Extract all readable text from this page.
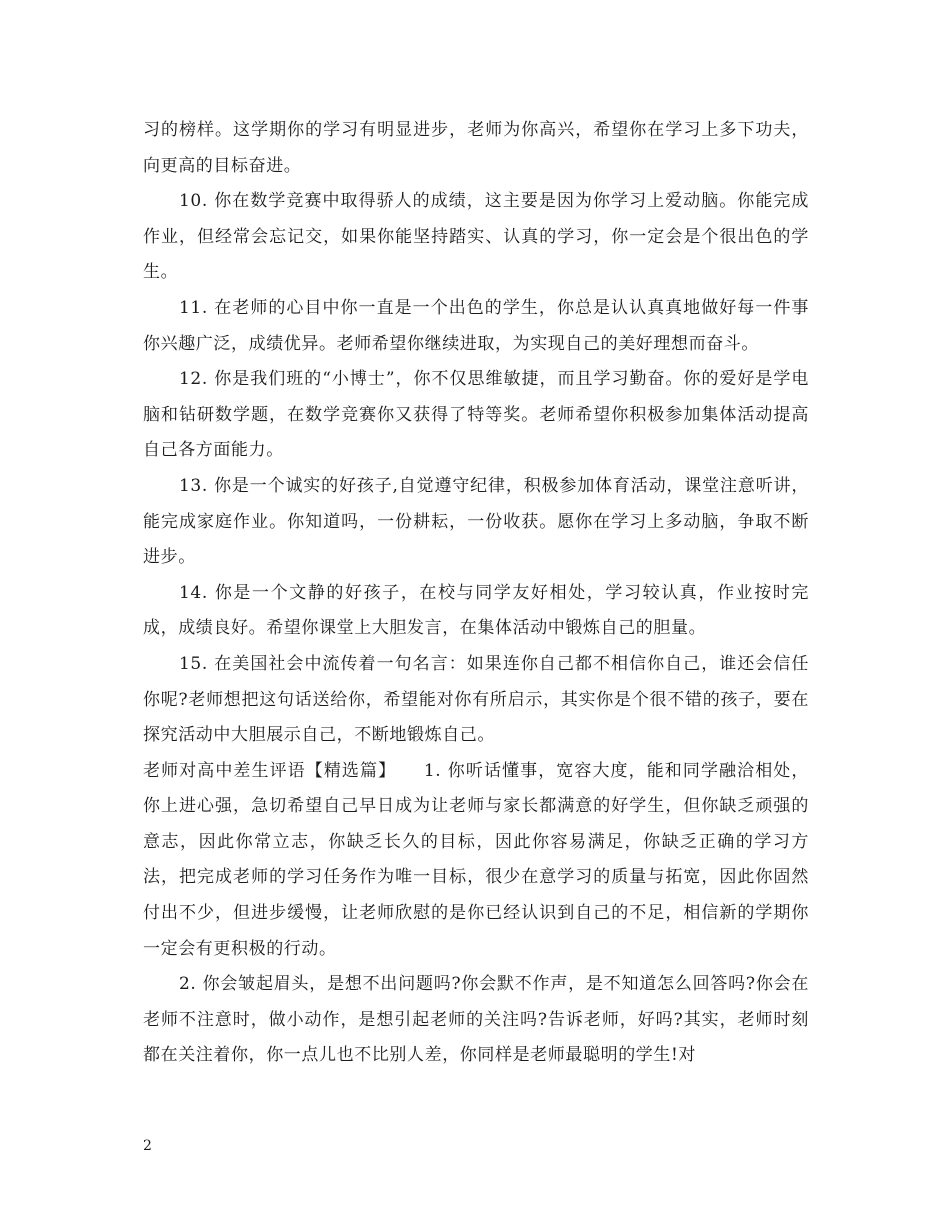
习的榜样。这学期你的学习有明显进步，老师为你高兴，希望你在学习上多下功夫，向更高的目标奋进。

10. 你在数学竞赛中取得骄人的成绩，这主要是因为你学习上爱动脑。你能完成作业，但经常会忘记交，如果你能坚持踏实、认真的学习，你一定会是个很出色的学生。

11. 在老师的心目中你一直是一个出色的学生，你总是认认真真地做好每一件事你兴趣广泛，成绩优异。老师希望你继续进取，为实现自己的美好理想而奋斗。

12. 你是我们班的“小博士”，你不仅思维敏捷，而且学习勤奋。你的爱好是学电脑和钻研数学题，在数学竞赛你又获得了特等奖。老师希望你积极参加集体活动提高自己各方面能力。

13. 你是一个诚实的好孩子,自觉遵守纪律，积极参加体育活动，课堂注意听讲，能完成家庭作业。你知道吗，一份耕耘，一份收获。愿你在学习上多动脑，争取不断进步。

14. 你是一个文静的好孩子，在校与同学友好相处，学习较认真，作业按时完成，成绩良好。希望你课堂上大胆发言，在集体活动中锻炼自己的胆量。

15. 在美国社会中流传着一句名言：如果连你自己都不相信你自己，谁还会信任你呢?老师想把这句话送给你，希望能对你有所启示，其实你是个很不错的孩子，要在探究活动中大胆展示自己，不断地锻炼自己。

老师对高中差生评语【精选篇】　　1. 你听话懂事，宽容大度，能和同学融洽相处，你上进心强，急切希望自己早日成为让老师与家长都满意的好学生，但你缺乏顽强的意志，因此你常立志，你缺乏长久的目标，因此你容易满足，你缺乏正确的学习方法，把完成老师的学习任务作为唯一目标，很少在意学习的质量与拓宽，因此你固然付出不少，但进步缓慢，让老师欣慰的是你已经认识到自己的不足，相信新的学期你一定会有更积极的行动。

2. 你会皱起眉头，是想不出问题吗?你会默不作声，是不知道怎么回答吗?你会在老师不注意时，做小动作，是想引起老师的关注吗?告诉老师，好吗?其实，老师时刻都在关注着你，你一点儿也不比别人差，你同样是老师最聪明的学生!对

2
